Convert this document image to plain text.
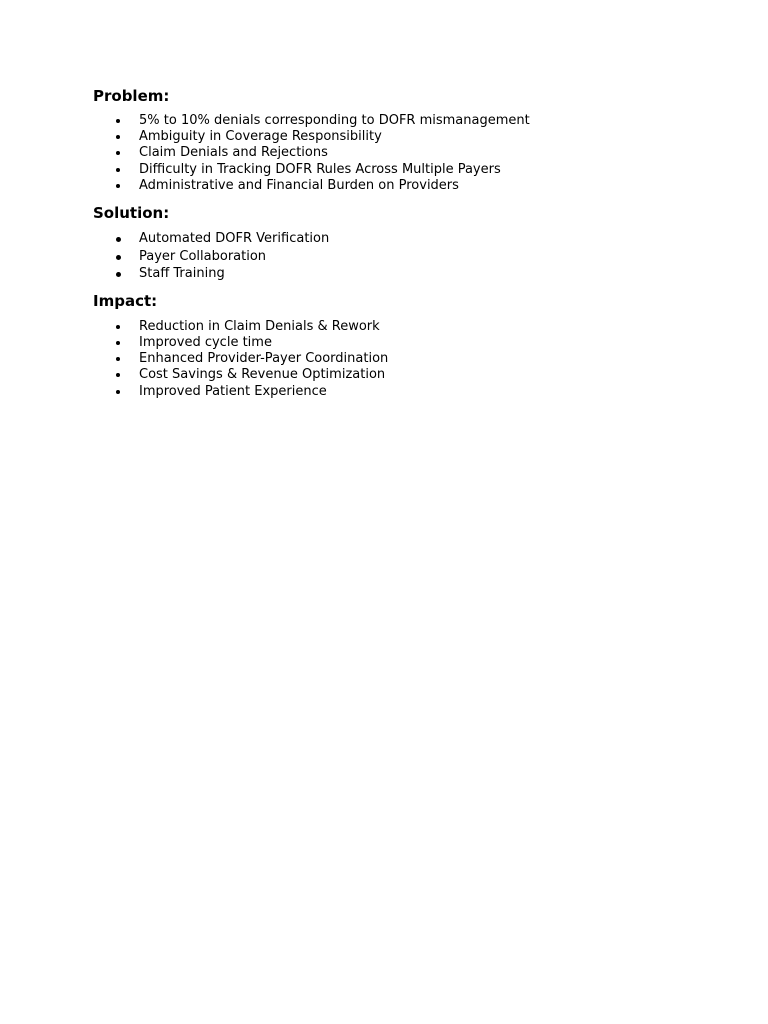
Problem:
5% to 10% denials corresponding to DOFR mismanagement
Ambiguity in Coverage Responsibility
Claim Denials and Rejections
Difficulty in Tracking DOFR Rules Across Multiple Payers
Administrative and Financial Burden on Providers
Solution:
Automated DOFR Verification
Payer Collaboration
Staff Training
Impact:
Reduction in Claim Denials & Rework
Improved cycle time
Enhanced Provider-Payer Coordination
Cost Savings & Revenue Optimization
Improved Patient Experience
